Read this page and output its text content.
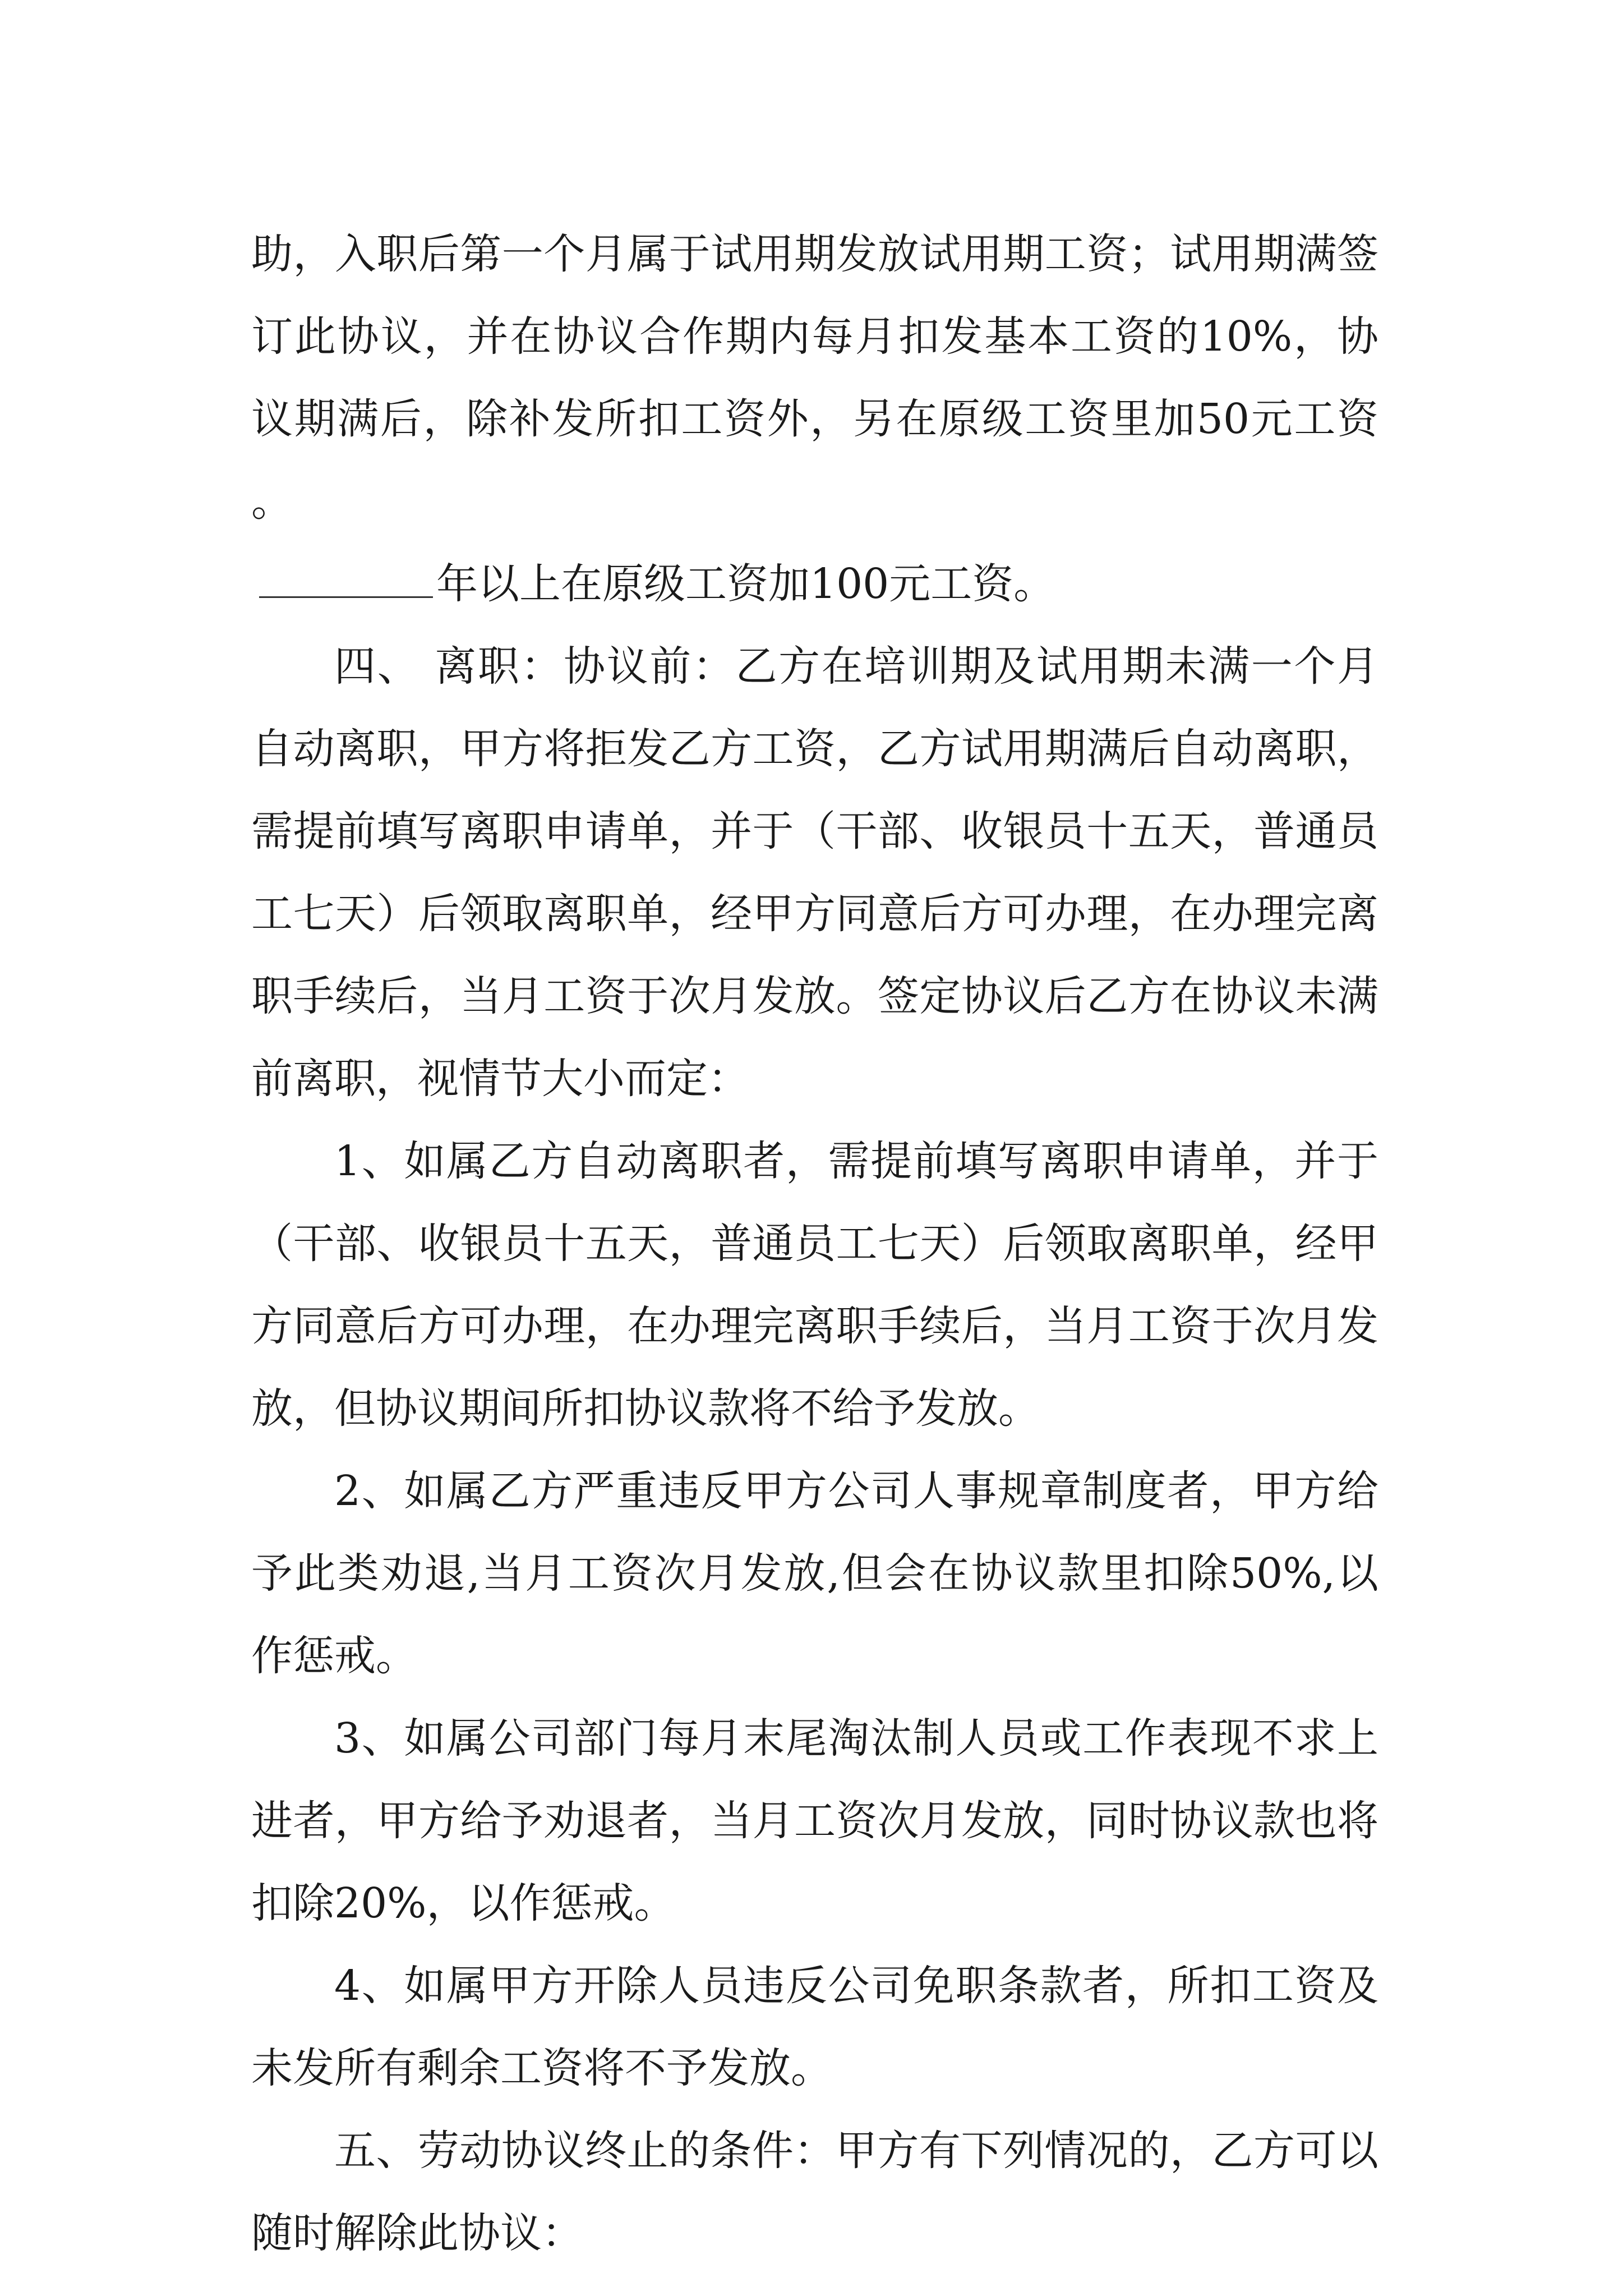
助，入职后第一个月属于试用期发放试用期工资；试用期满签订此协议，并在协议合作期内每月扣发基本工资的10%，协议期满后，除补发所扣工资外，另在原级工资里加50元工资。

年以上在原级工资加100元工资。

四、 离职：协议前：乙方在培训期及试用期未满一个月自动离职，甲方将拒发乙方工资，乙方试用期满后自动离职，需提前填写离职申请单，并于（干部、收银员十五天，普通员工七天）后领取离职单，经甲方同意后方可办理，在办理完离职手续后，当月工资于次月发放。签定协议后乙方在协议未满前离职，视情节大小而定：

1、如属乙方自动离职者，需提前填写离职申请单，并于（干部、收银员十五天，普通员工七天）后领取离职单，经甲方同意后方可办理，在办理完离职手续后，当月工资于次月发放，但协议期间所扣协议款将不给予发放。

2、如属乙方严重违反甲方公司人事规章制度者，甲方给予此类劝退,当月工资次月发放,但会在协议款里扣除50%,以作惩戒。

3、如属公司部门每月末尾淘汰制人员或工作表现不求上进者，甲方给予劝退者，当月工资次月发放，同时协议款也将扣除20%，以作惩戒。

4、如属甲方开除人员违反公司免职条款者，所扣工资及未发所有剩余工资将不予发放。

五、劳动协议终止的条件：甲方有下列情况的，乙方可以随时解除此协议：
